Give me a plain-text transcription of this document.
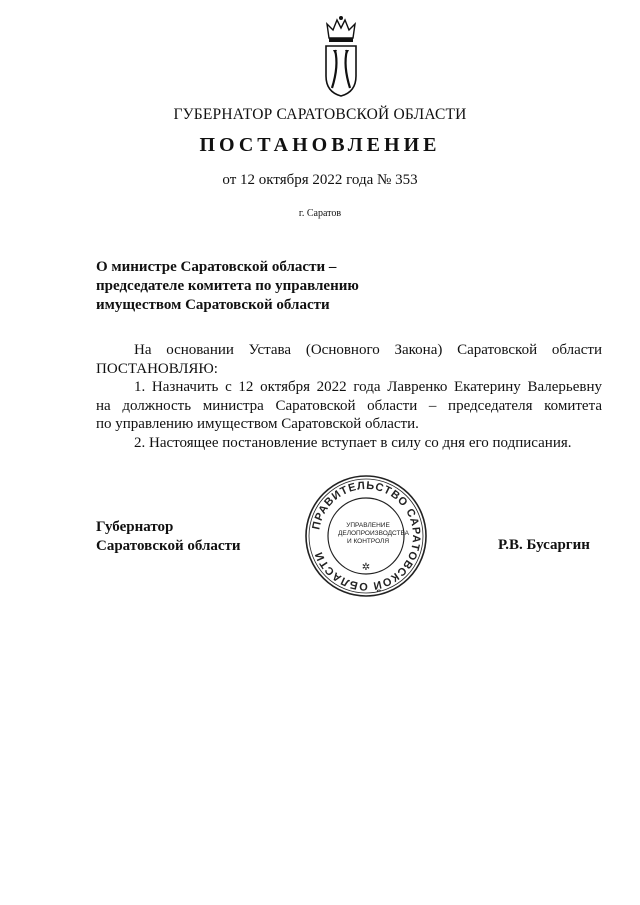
ГУБЕРНАТОР САРАТОВСКОЙ ОБЛАСТИ
ПОСТАНОВЛЕНИЕ
от 12 октября 2022 года № 353
г. Саратов
О министре Саратовской области –
председателе комитета по управлению
имуществом Саратовской области
На основании Устава (Основного Закона) Саратовской области
ПОСТАНОВЛЯЮ:
1. Назначить с 12 октября 2022 года Лавренко Екатерину Валерьевну
на должность министра Саратовской области – председателя комитета
по управлению имуществом Саратовской области.
2. Настоящее постановление вступает в силу со дня его подписания.
Губернатор
Саратовской области
ПРАВИТЕЛЬСТВО САРАТОВСКОЙ ОБЛАСТИ
✲
УПРАВЛЕНИЕ
ДЕЛОПРОИЗВОДСТВА
И КОНТРОЛЯ	Р.В. Бусаргин
